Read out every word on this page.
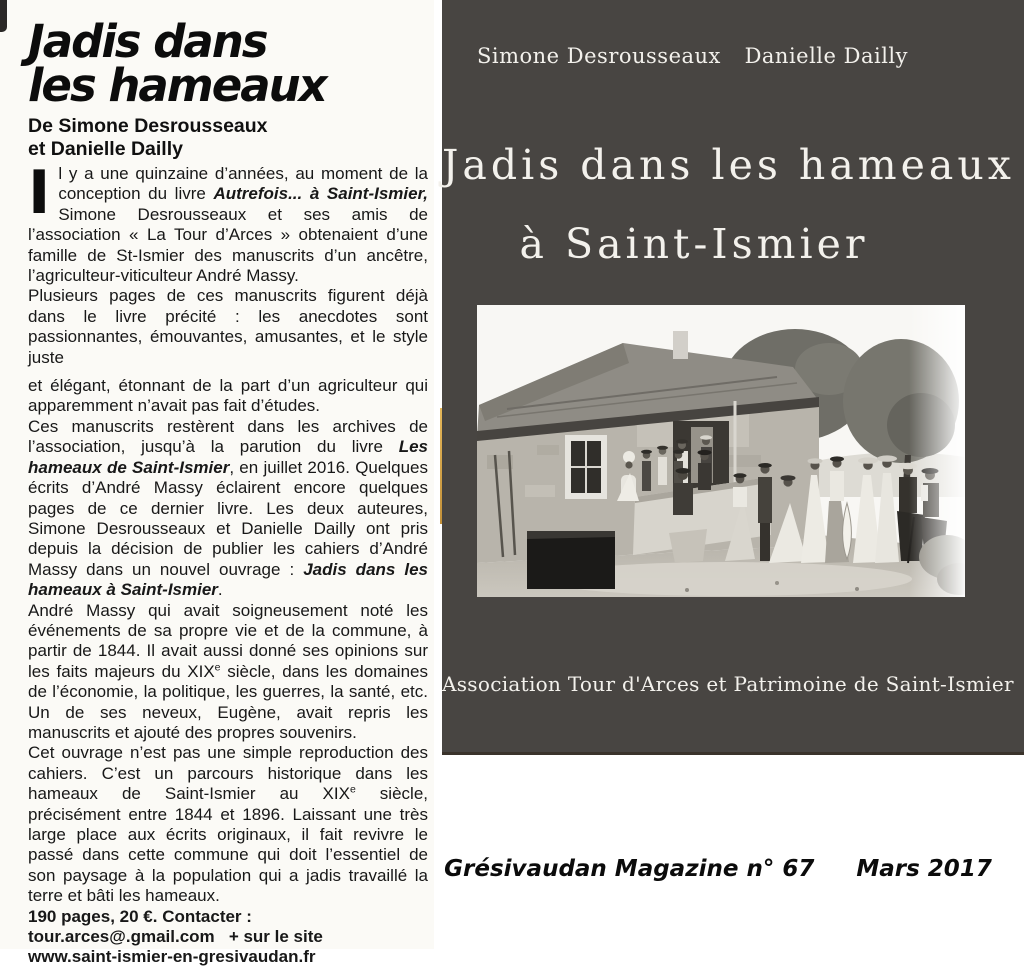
Jadis dans
les hameaux
De Simone Desrousseaux
et Danielle Dailly

Il y a une quinzaine d’années, au moment de la conception du livre Autrefois... à Saint-Ismier, Simone Desrousseaux et ses amis de l’association « La Tour d’Arces » obtenaient d’une famille de St-Ismier des manuscrits d’un ancêtre, l’agriculteur-viticulteur André Massy.

Plusieurs pages de ces manuscrits figurent déjà dans le livre précité : les anecdotes sont passionnantes, émouvantes, amusantes, et le style juste

et élégant, étonnant de la part d’un agriculteur qui apparemment n’avait pas fait d’études.

Ces manuscrits restèrent dans les archives de l’association, jusqu’à la parution du livre Les hameaux de Saint-Ismier, en juillet 2016. Quelques écrits d’André Massy éclairent encore quelques pages de ce dernier livre. Les deux auteures, Simone Desrousseaux et Danielle Dailly ont pris depuis la décision de publier les cahiers d’André Massy dans un nouvel ouvrage : Jadis dans les hameaux à Saint-Ismier.

André Massy qui avait soigneusement noté les événements de sa propre vie et de la commune, à partir de 1844. Il avait aussi donné ses opinions sur les faits majeurs du XIXe siècle, dans les domaines de l’économie, la politique, les guerres, la santé, etc. Un de ses neveux, Eugène, avait repris les manuscrits et ajouté des propres souvenirs.

Cet ouvrage n’est pas une simple reproduction des cahiers. C’est un parcours historique dans les hameaux de Saint-Ismier au XIXe siècle, précisément entre 1844 et 1896. Laissant une très large place aux écrits originaux, il fait revivre le passé dans cette commune qui doit l’essentiel de son paysage à la population qui a jadis travaillé la terre et bâti les hameaux.

190 pages, 20 €. Contacter :

tour.arces@.gmail.com   + sur le site

www.saint-ismier-en-gresivaudan.fr

Simone Desrousseaux Danielle Dailly
Jadis dans les hameaux
à Saint-Ismier
Association Tour d'Arces et Patrimoine de Saint-Ismier
Grésivaudan Magazine n° 67 Mars 2017
